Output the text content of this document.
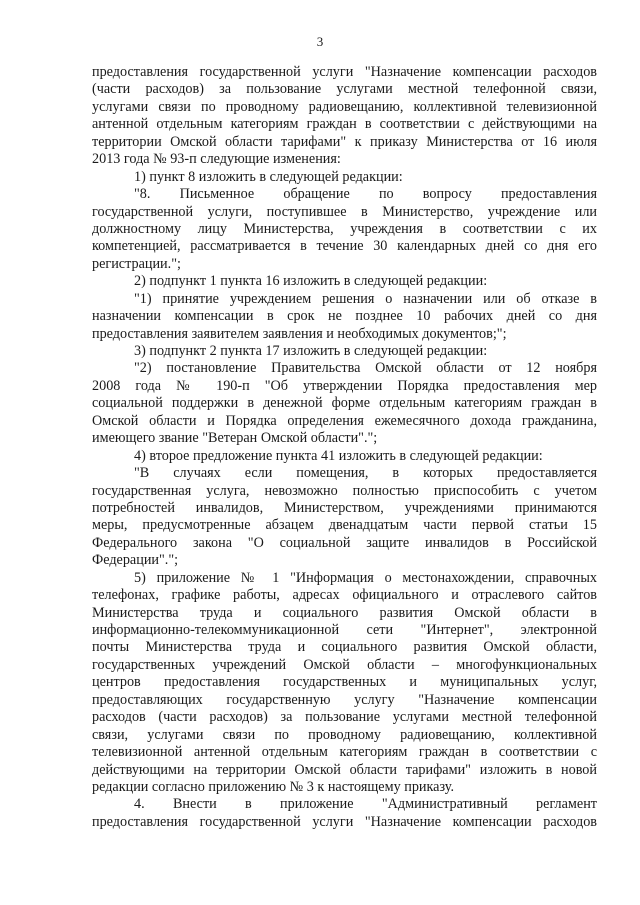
3
предоставления государственной услуги "Назначение компенсации расходов
(части расходов) за пользование услугами местной телефонной связи,
услугами связи по проводному радиовещанию, коллективной телевизионной
антенной отдельным категориям граждан в соответствии с действующими на
территории Омской области тарифами" к приказу Министерства от 16 июля
2013 года № 93-п следующие изменения:
1) пункт 8 изложить в следующей редакции:
"8. Письменное обращение по вопросу предоставления
государственной услуги, поступившее в Министерство, учреждение или
должностному лицу Министерства, учреждения в соответствии с их
компетенцией, рассматривается в течение 30 календарных дней со дня его
регистрации.";
2) подпункт 1 пункта 16 изложить в следующей редакции:
"1) принятие учреждением решения о назначении или об отказе в
назначении компенсации в срок не позднее 10 рабочих дней со дня
предоставления заявителем заявления и необходимых документов;";
3) подпункт 2 пункта 17 изложить в следующей редакции:
"2) постановление Правительства Омской области от 12 ноября
2008 года № 190-п "Об утверждении Порядка предоставления мер
социальной поддержки в денежной форме отдельным категориям граждан в
Омской области и Порядка определения ежемесячного дохода гражданина,
имеющего звание "Ветеран Омской области".";
4) второе предложение пункта 41 изложить в следующей редакции:
"В случаях если помещения, в которых предоставляется
государственная услуга, невозможно полностью приспособить с учетом
потребностей инвалидов, Министерством, учреждениями принимаются
меры, предусмотренные абзацем двенадцатым части первой статьи 15
Федерального закона "О социальной защите инвалидов в Российской
Федерации".";
5) приложение № 1 "Информация о местонахождении, справочных
телефонах, графике работы, адресах официального и отраслевого сайтов
Министерства труда и социального развития Омской области в
информационно-телекоммуникационной сети "Интернет", электронной
почты Министерства труда и социального развития Омской области,
государственных учреждений Омской области – многофункциональных
центров предоставления государственных и муниципальных услуг,
предоставляющих государственную услугу "Назначение компенсации
расходов (части расходов) за пользование услугами местной телефонной
связи, услугами связи по проводному радиовещанию, коллективной
телевизионной антенной отдельным категориям граждан в соответствии с
действующими на территории Омской области тарифами" изложить в новой
редакции согласно приложению № 3 к настоящему приказу.
4. Внести в приложение "Административный регламент
предоставления государственной услуги "Назначение компенсации расходов
